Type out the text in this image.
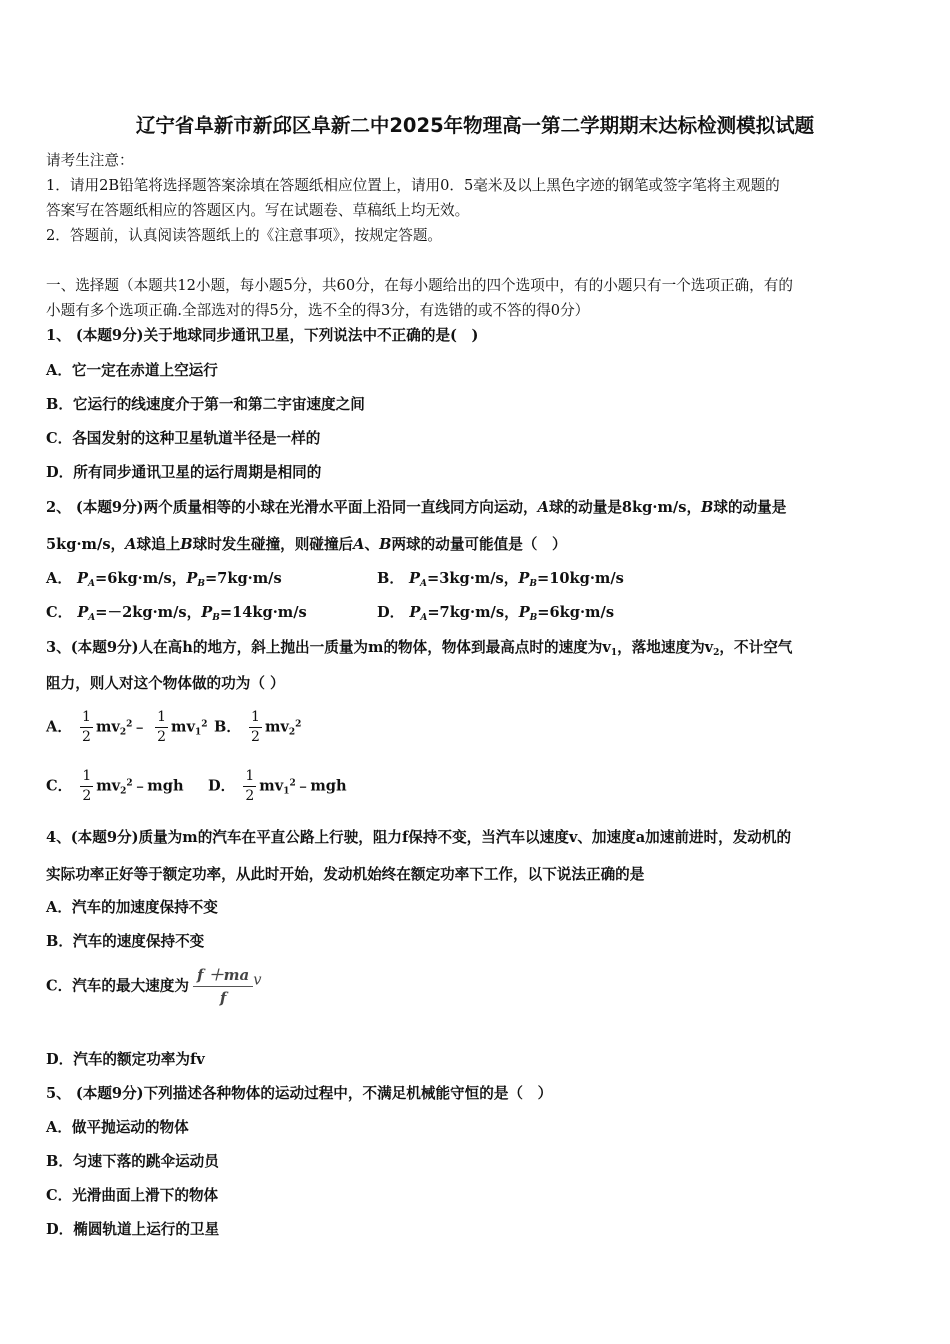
辽宁省阜新市新邱区阜新二中2025年物理高一第二学期期末达标检测模拟试题
请考生注意：
1．请用2B铅笔将选择题答案涂填在答题纸相应位置上，请用0．5毫米及以上黑色字迹的钢笔或签字笔将主观题的
答案写在答题纸相应的答题区内。写在试题卷、草稿纸上均无效。
2．答题前，认真阅读答题纸上的《注意事项》，按规定答题。
一、选择题（本题共12小题，每小题5分，共60分，在每小题给出的四个选项中，有的小题只有一个选项正确，有的
小题有多个选项正确.全部选对的得5分，选不全的得3分，有选错的或不答的得0分）
1、 (本题9分)关于地球同步通讯卫星，下列说法中不正确的是(　)
A．它一定在赤道上空运行
B．它运行的线速度介于第一和第二宇宙速度之间
C．各国发射的这种卫星轨道半径是一样的
D．所有同步通讯卫星的运行周期是相同的
2、 (本题9分)两个质量相等的小球在光滑水平面上沿同一直线同方向运动，A球的动量是8kg·m/s，B球的动量是
5kg·m/s，A球追上B球时发生碰撞，则碰撞后A、B两球的动量可能值是（　）
A． $P_A=6kg\cdot m/s$，$P_B=7kg\cdot m/s$	B． $P_A=3kg\cdot m/s$，$P_B=10kg\cdot m/s$
C． $P_A=-2kg\cdot m/s$，$P_B=14kg\cdot m/s$	D． $P_A=7kg\cdot m/s$，$P_B=6kg\cdot m/s$
3、(本题9分)人在高h的地方，斜上抛出一质量为m的物体，物体到最高点时的速度为$v_1$，落地速度为$v_2$，不计空气
阻力，则人对这个物体做的功为（ ）
A． $\frac{1}{2}$ $mv_2^2﹣ \frac{1}{2} mv_1^2$ B． $\frac{1}{2} mv_2^2$
C． $\frac{1}{2}$ $mv_2^2﹣mgh$ D． $\frac{1}{2}$ $mv_1^2﹣mgh$
4、(本题9分)质量为m的汽车在平直公路上行驶，阻力f保持不变，当汽车以速度v、加速度a加速前进时，发动机的
实际功率正好等于额定功率，从此时开始，发动机始终在额定功率下工作，以下说法正确的是
A．汽车的加速度保持不变
B．汽车的速度保持不变
C．汽车的最大速度为 $\frac{f +ma}{f}$ v
D．汽车的额定功率为fv
5、 (本题9分)下列描述各种物体的运动过程中，不满足机械能守恒的是（　）
A．做平抛运动的物体
B．匀速下落的跳伞运动员
C．光滑曲面上滑下的物体
D．椭圆轨道上运行的卫星
